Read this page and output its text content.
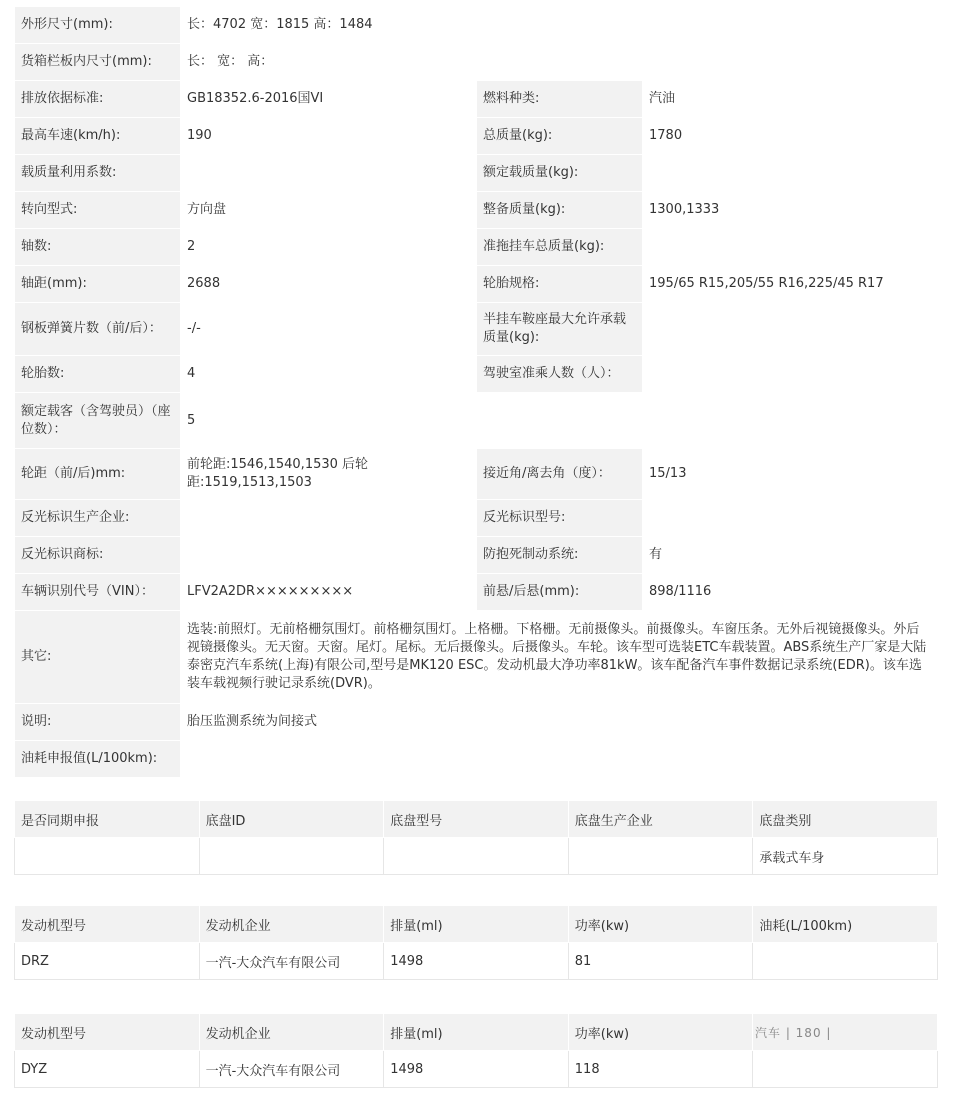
外形尺寸(mm):	长：4702 宽：1815 高：1484		
货箱栏板内尺寸(mm):	长： 宽： 高：		
排放依据标准:	GB18352.6-2016国VI	燃料种类:	汽油
最高车速(km/h):	190	总质量(kg):	1780
载质量利用系数:		额定载质量(kg):	
转向型式:	方向盘	整备质量(kg):	1300,1333
轴数:	2	准拖挂车总质量(kg):	
轴距(mm):	2688	轮胎规格:	195/65 R15,205/55 R16,225/45 R17
钢板弹簧片数（前/后）：	-/-	半挂车鞍座最大允许承载质量(kg):	
轮胎数:	4	驾驶室准乘人数（人）：	
额定载客（含驾驶员）（座位数）：	5		
轮距（前/后)mm:	前轮距:1546,1540,1530 后轮距:1519,1513,1503	接近角/离去角（度）：	15/13
反光标识生产企业:		反光标识型号:	
反光标识商标:		防抱死制动系统:	有
车辆识别代号（VIN）：	LFV2A2DR×××××××××	前悬/后悬(mm):	898/1116
其它:	选装:前照灯。无前格栅氛围灯。前格栅氛围灯。上格栅。下格栅。无前摄像头。前摄像头。车窗压条。无外后视镜摄像头。外后视镜摄像头。无天窗。天窗。尾灯。尾标。无后摄像头。后摄像头。车轮。该车型可选装ETC车载装置。ABS系统生产厂家是大陆泰密克汽车系统(上海)有限公司,型号是MK120 ESC。发动机最大净功率81kW。该车配备汽车事件数据记录系统(EDR)。该车选装车载视频行驶记录系统(DVR)。		
说明:	胎压监测系统为间接式		
油耗申报值(L/100km):			
是否同期申报	底盘ID	底盘型号	底盘生产企业	底盘类别
				承载式车身
发动机型号	发动机企业	排量(ml)	功率(kw)	油耗(L/100km)
DRZ	一汽-大众汽车有限公司	1498	81	
发动机型号	发动机企业	排量(ml)	功率(kw)	
DYZ	一汽-大众汽车有限公司	1498	118	
汽车 | 180 |
